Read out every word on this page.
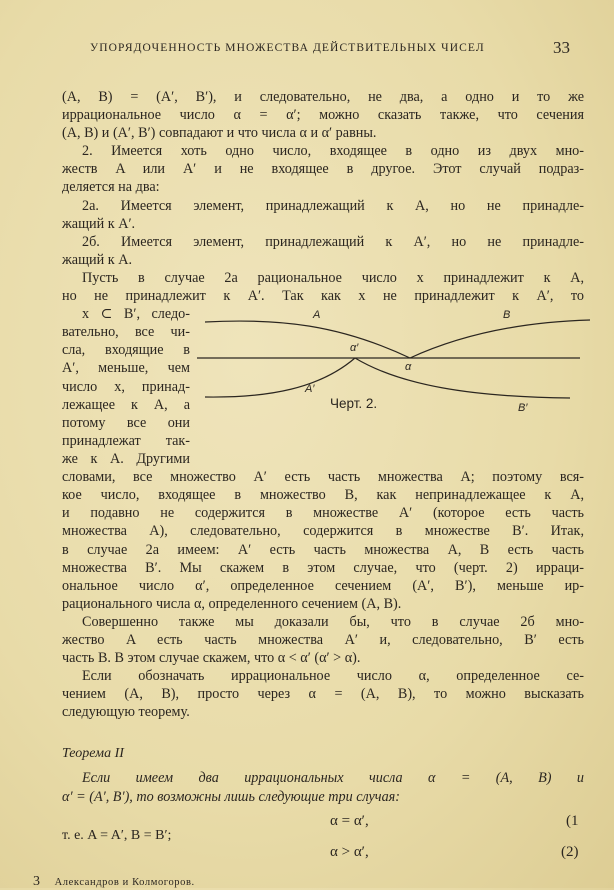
УПОРЯДОЧЕННОСТЬ МНОЖЕСТВА ДЕЙСТВИТЕЛЬНЫХ ЧИСЕЛ	33
(A, B) = (A′, B′), и следовательно, не два, а одно и то же
иррациональное число α = α′; можно сказать также, что сечения
(A, B) и (A′, B′) совпадают и что числа α и α′ равны.
2. Имеется хоть одно число, входящее в одно из двух мно-
жеств A или A′ и не входящее в другое. Этот случай подраз-
деляется на два:
2а. Имеется элемент, принадлежащий к A, но не принадле-
жащий к A′.
2б. Имеется элемент, принадлежащий к A′, но не принадле-
жащий к A.
Пусть в случае 2а рациональное число x принадлежит к A,
но не принадлежит к A′. Так как x не принадлежит к A′, то
x ⊂ B′, следо-
вательно, все чи-
сла, входящие в
A′, меньше, чем
число x, принад-
лежащее к A, а
потому все они
принадлежат так-
же к A. Другими
A	B
α′
α
A′
B′
Черт. 2.
словами, все множество A′ есть часть множества A; поэтому вся-
кое число, входящее в множество B, как непринадлежащее к A,
и подавно не содержится в множестве A′ (которое есть часть
множества A), следовательно, содержится в множестве B′. Итак,
в случае 2а имеем: A′ есть часть множества A, B есть часть
множества B′. Мы скажем в этом случае, что (черт. 2) ирраци-
ональное число α′, определенное сечением (A′, B′), меньше ир-
рационального числа α, определенного сечением (A, B).
Совершенно также мы доказали бы, что в случае 2б мно-
жество A есть часть множества A′ и, следовательно, B′ есть
часть B. В этом случае скажем, что α < α′ (α′ > α).
Если обозначать иррациональное число α, определенное се-
чением (A, B), просто через α = (A, B), то можно высказать
следующую теорему.
Теорема II
Если имеем два иррациональных числа α = (A, B) и
α′ = (A′, B′), то возможны лишь следующие три случая:
α = α′,	(1
т. е. A = A′, B = B′;
α > α′,	(2)
3 Александров и Колмогоров.
